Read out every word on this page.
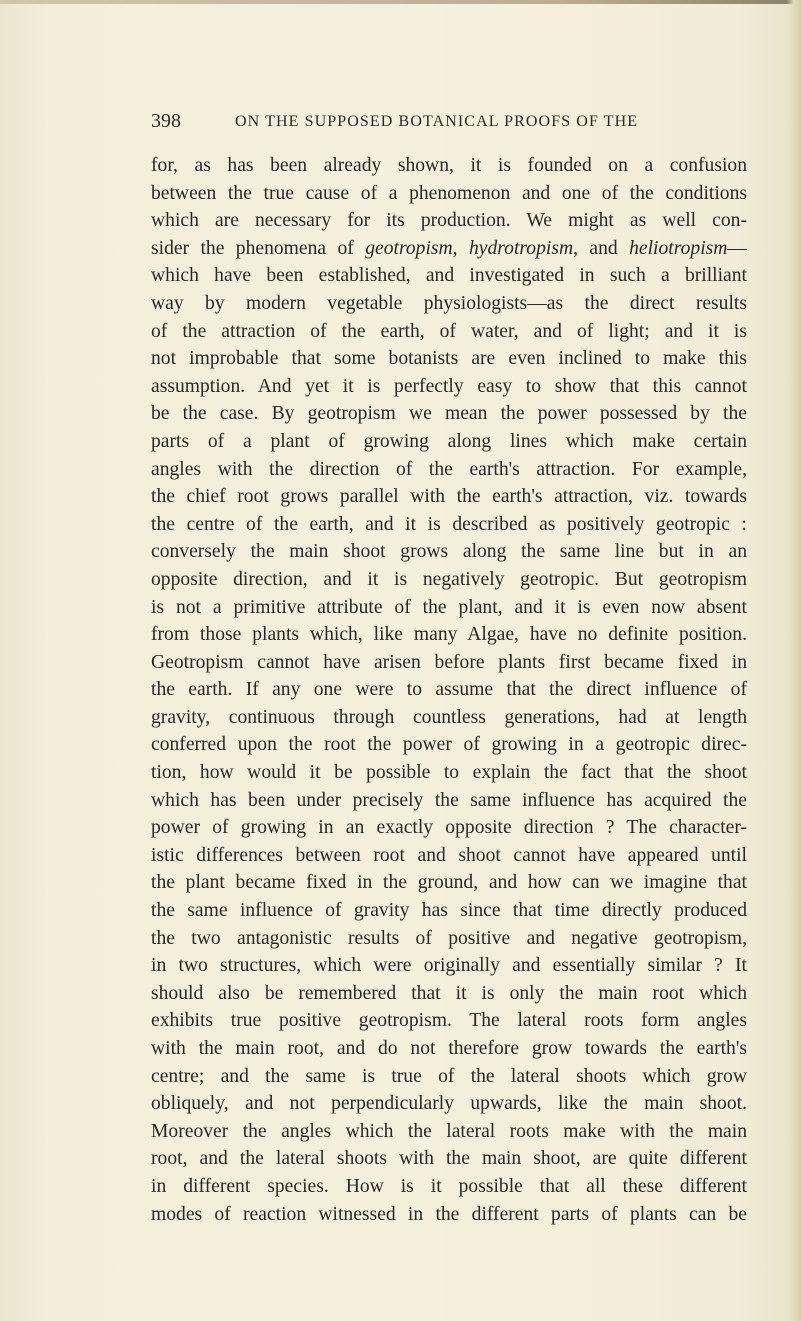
398	ON THE SUPPOSED BOTANICAL PROOFS OF THE
for, as has been already shown, it is founded on a confusion
between the true cause of a phenomenon and one of the conditions
which are necessary for its production. We might as well con-
sider the phenomena of geotropism, hydrotropism, and heliotropism—
which have been established, and investigated in such a brilliant
way by modern vegetable physiologists—as the direct results
of the attraction of the earth, of water, and of light; and it is
not improbable that some botanists are even inclined to make this
assumption. And yet it is perfectly easy to show that this cannot
be the case. By geotropism we mean the power possessed by the
parts of a plant of growing along lines which make certain
angles with the direction of the earth's attraction. For example,
the chief root grows parallel with the earth's attraction, viz. towards
the centre of the earth, and it is described as positively geotropic :
conversely the main shoot grows along the same line but in an
opposite direction, and it is negatively geotropic. But geotropism
is not a primitive attribute of the plant, and it is even now absent
from those plants which, like many Algae, have no definite position.
Geotropism cannot have arisen before plants first became fixed in
the earth. If any one were to assume that the direct influence of
gravity, continuous through countless generations, had at length
conferred upon the root the power of growing in a geotropic direc-
tion, how would it be possible to explain the fact that the shoot
which has been under precisely the same influence has acquired the
power of growing in an exactly opposite direction ? The character-
istic differences between root and shoot cannot have appeared until
the plant became fixed in the ground, and how can we imagine that
the same influence of gravity has since that time directly produced
the two antagonistic results of positive and negative geotropism,
in two structures, which were originally and essentially similar ? It
should also be remembered that it is only the main root which
exhibits true positive geotropism. The lateral roots form angles
with the main root, and do not therefore grow towards the earth's
centre; and the same is true of the lateral shoots which grow
obliquely, and not perpendicularly upwards, like the main shoot.
Moreover the angles which the lateral roots make with the main
root, and the lateral shoots with the main shoot, are quite different
in different species. How is it possible that all these different
modes of reaction witnessed in the different parts of plants can be
